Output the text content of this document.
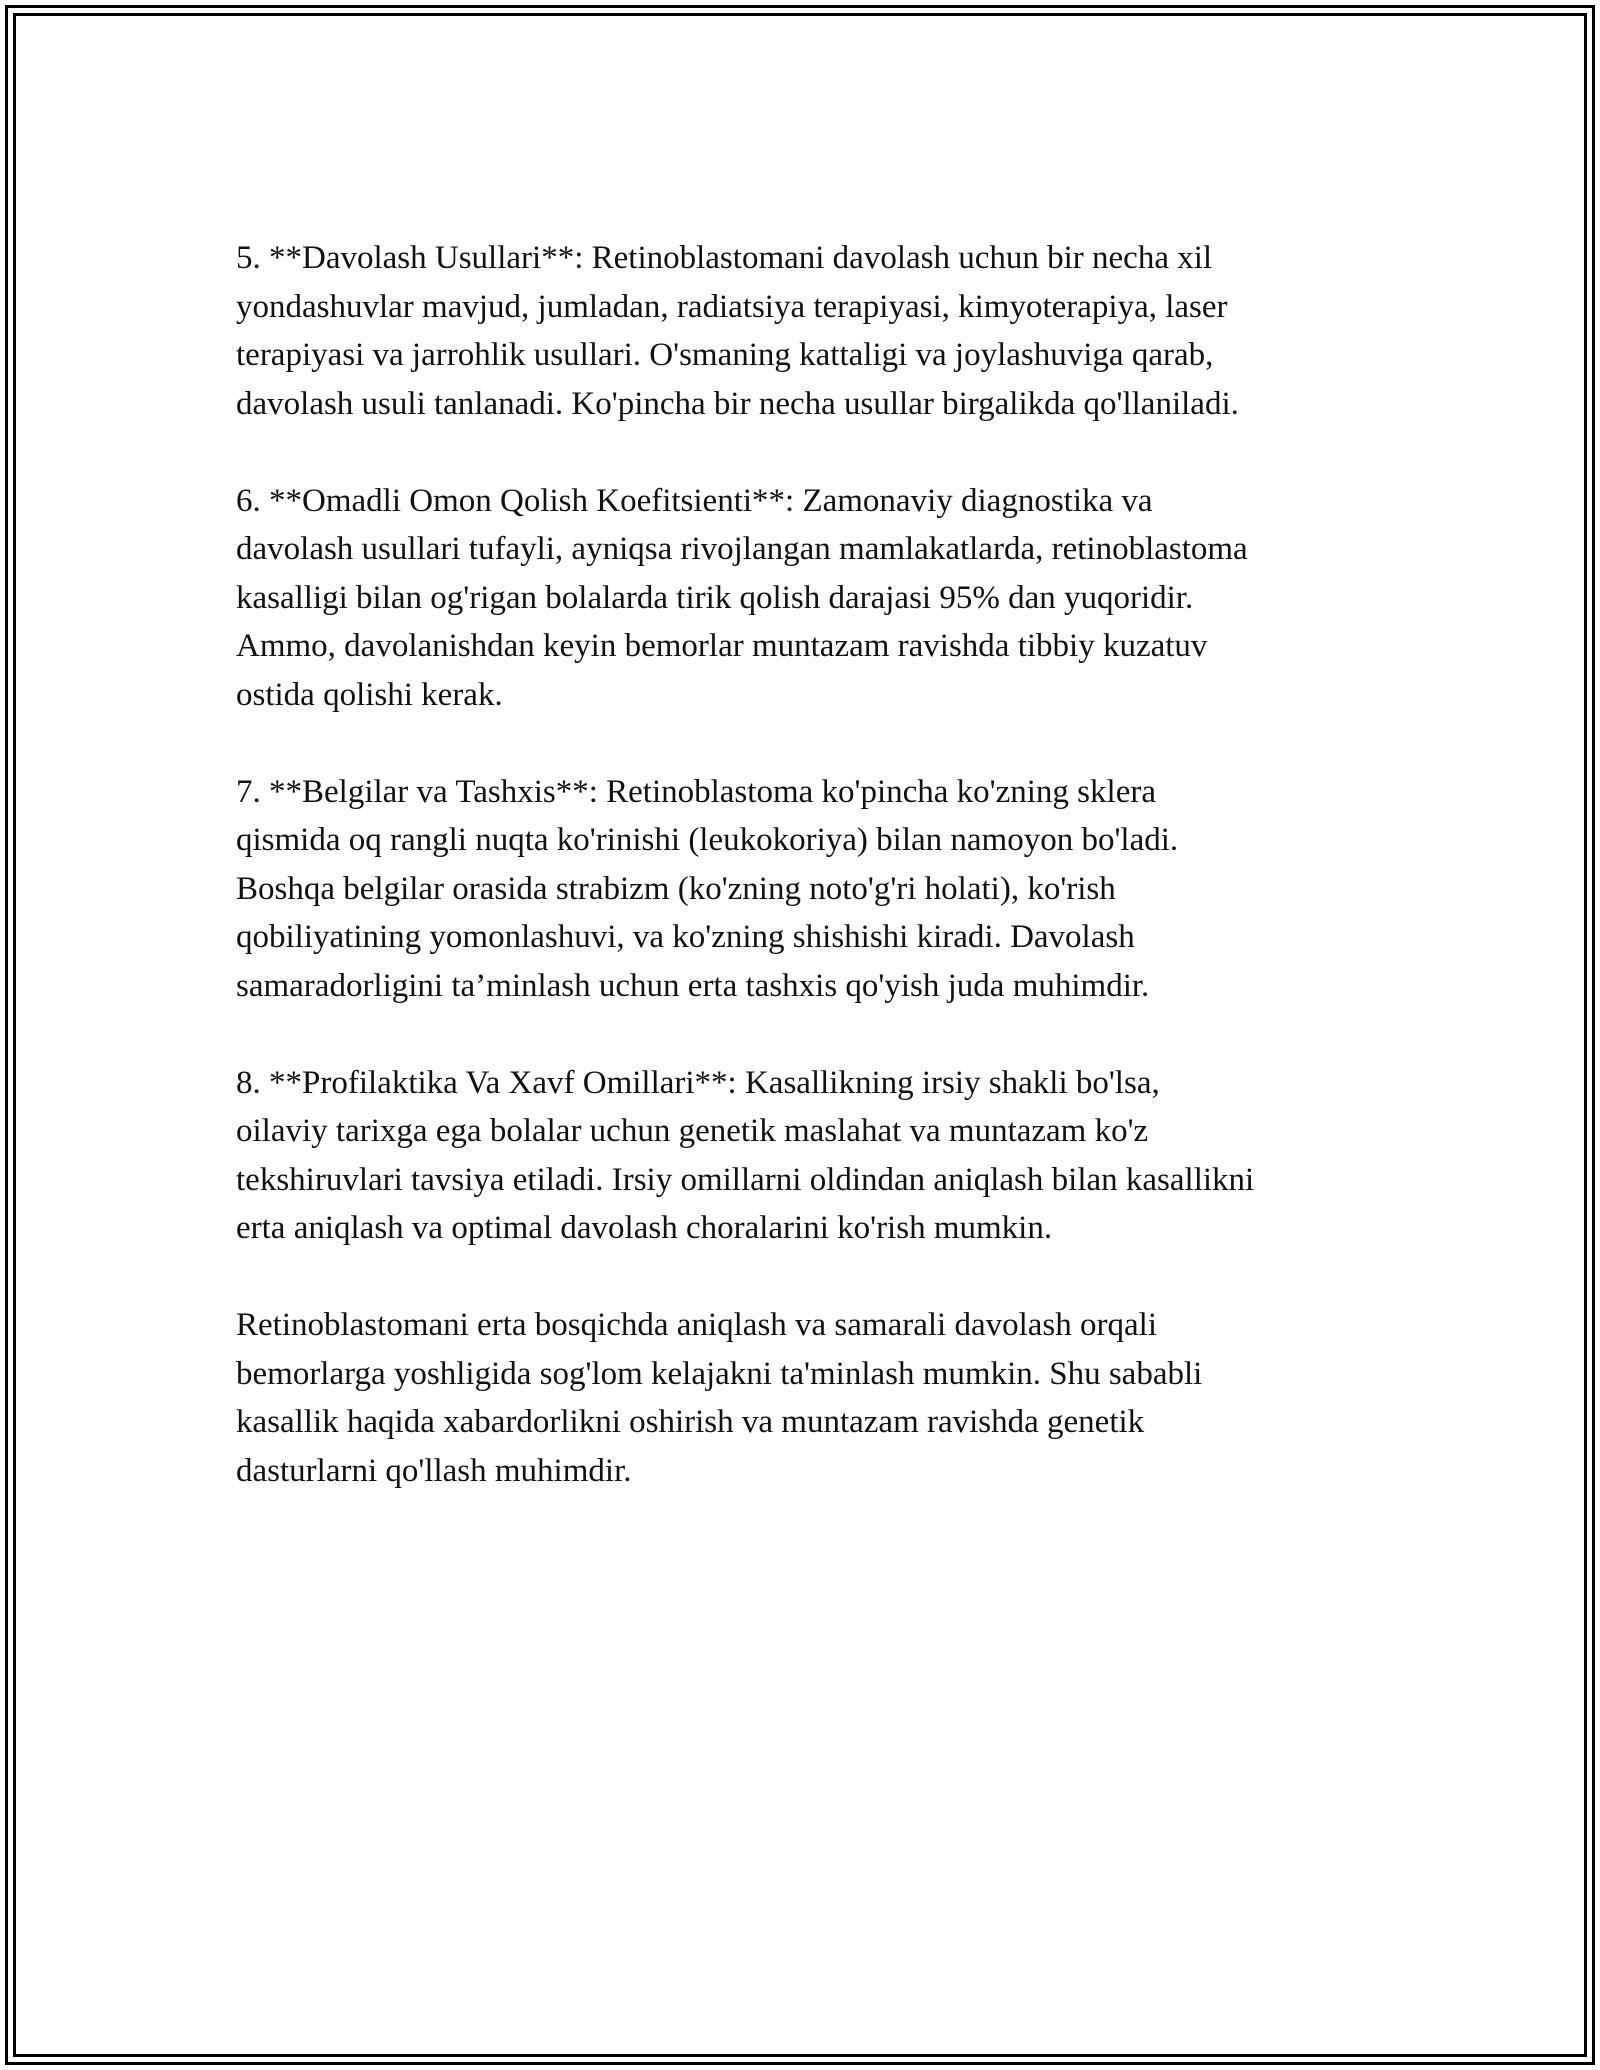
5. **Davolash Usullari**: Retinoblastomani davolash uchun bir necha xil
yondashuvlar mavjud, jumladan, radiatsiya terapiyasi, kimyoterapiya, laser
terapiyasi va jarrohlik usullari. O'smaning kattaligi va joylashuviga qarab,
davolash usuli tanlanadi. Ko'pincha bir necha usullar birgalikda qo'llaniladi.

6. **Omadli Omon Qolish Koefitsienti**: Zamonaviy diagnostika va
davolash usullari tufayli, ayniqsa rivojlangan mamlakatlarda, retinoblastoma
kasalligi bilan og'rigan bolalarda tirik qolish darajasi 95% dan yuqoridir.
Ammo, davolanishdan keyin bemorlar muntazam ravishda tibbiy kuzatuv
ostida qolishi kerak.

7. **Belgilar va Tashxis**: Retinoblastoma ko'pincha ko'zning sklera
qismida oq rangli nuqta ko'rinishi (leukokoriya) bilan namoyon bo'ladi.
Boshqa belgilar orasida strabizm (ko'zning noto'g'ri holati), ko'rish
qobiliyatining yomonlashuvi, va ko'zning shishishi kiradi. Davolash
samaradorligini ta’minlash uchun erta tashxis qo'yish juda muhimdir.

8. **Profilaktika Va Xavf Omillari**: Kasallikning irsiy shakli bo'lsa,
oilaviy tarixga ega bolalar uchun genetik maslahat va muntazam ko'z
tekshiruvlari tavsiya etiladi. Irsiy omillarni oldindan aniqlash bilan kasallikni
erta aniqlash va optimal davolash choralarini ko'rish mumkin.

Retinoblastomani erta bosqichda aniqlash va samarali davolash orqali
bemorlarga yoshligida sog'lom kelajakni ta'minlash mumkin. Shu sababli
kasallik haqida xabardorlikni oshirish va muntazam ravishda genetik
dasturlarni qo'llash muhimdir.
